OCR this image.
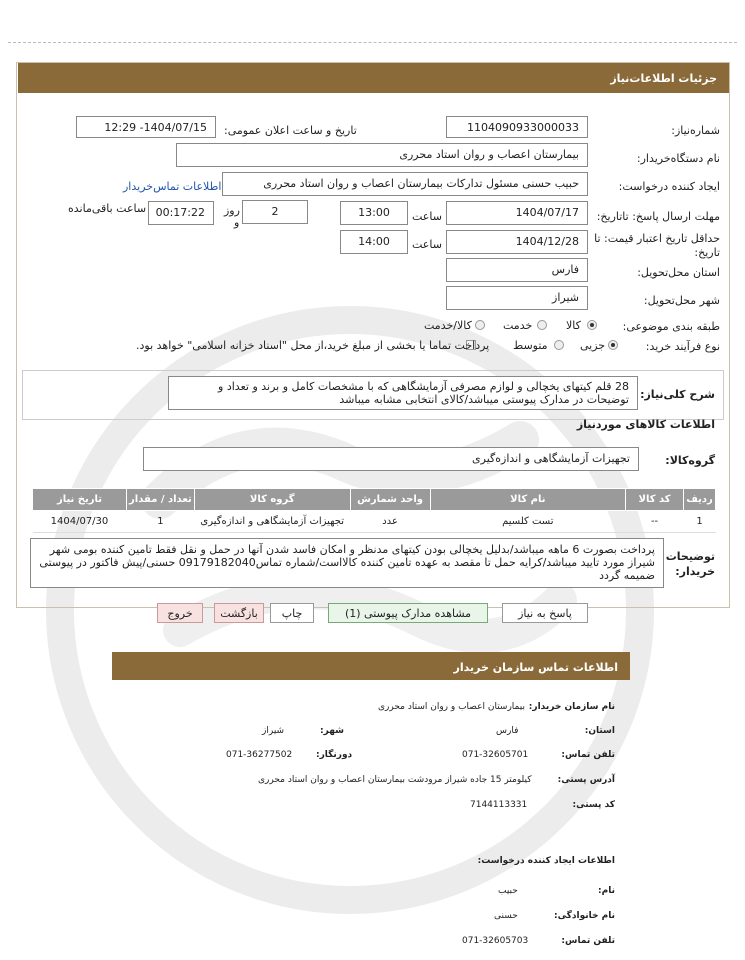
جزئیات اطلاعات‌نیاز
شماره‌نیاز:
1104090933000033
تاریخ و ساعت اعلان عمومی:
1404/07/15- 12:29
نام دستگاه‌خریدار:
بیمارستان اعصاب و روان استاد محرری
ایجاد کننده درخواست:
حبیب حسنی مسئول تدارکات بیمارستان اعصاب و روان استاد محرری
اطلاعات تماس‌خریدار
مهلت ارسال پاسخ: تاتاریخ:
1404/07/17
ساعت
13:00
2
روز
و
00:17:22
ساعت باقی‌مانده
حداقل تاریخ اعتبار قیمت: تا
تاریخ:
1404/12/28
ساعت
14:00
استان محل‌تحویل:
فارس
شهر محل‌تحویل:
شیراز
طبقه بندی موضوعی:
کالا
خدمت
کالا/خدمت
نوع فرآیند خرید:
جزیی
متوسط
پرداخت تماما یا بخشی از مبلغ خرید،از محل "اسناد خزانه اسلامی" خواهد بود.
شرح کلی‌نیاز:
28 قلم کیتهای یخچالی و لوازم مصرفی آزمایشگاهی که با مشخصات کامل و برند و تعداد و توضیحات در مدارک پیوستی میباشد/کالای انتخابی مشابه میباشد
اطلاعات کالاهای موردنیاز
گروه‌کالا:
تجهیزات آزمایشگاهی و اندازه‌گیری
ردیف	کد کالا	نام کالا	واحد شمارش	گروه کالا	تعداد / مقدار	تاریخ نیاز
1	--	تست کلسیم	عدد	تجهیزات آزمایشگاهی و اندازه‌گیری	1	1404/07/30
توضیحات
خریدار:
پرداخت بصورت 6 ماهه میباشد/بدلیل یخچالی بودن کیتهای مدنظر و امکان فاسد شدن آنها در حمل و نقل فقط تامین کننده بومی شهر شیراز مورد تایید میباشد/کرایه حمل تا مقصد به عهده تامین کننده کالااست/شماره تماس09179182040 حسنی/پیش فاکتور در پیوستی ضمیمه گردد
پاسخ به نیاز
مشاهده مدارک پیوستی (1)
چاپ
بازگشت
خروج
اطلاعات تماس سازمان خریدار
نام سازمان خریدار:
بیمارستان اعصاب و روان استاد محرری
استان:
فارس
شهر:
شیراز
تلفن تماس:
071-32605701
دورنگار:
071-36277502
آدرس پستی:
کیلومتر 15 جاده شیراز مرودشت بیمارستان اعصاب و روان استاد محرری
کد پستی:
7144113331
اطلاعات ایجاد کننده درخواست:
نام:
حبیب
نام خانوادگی:
حسنی
تلفن تماس:
071-32605703
